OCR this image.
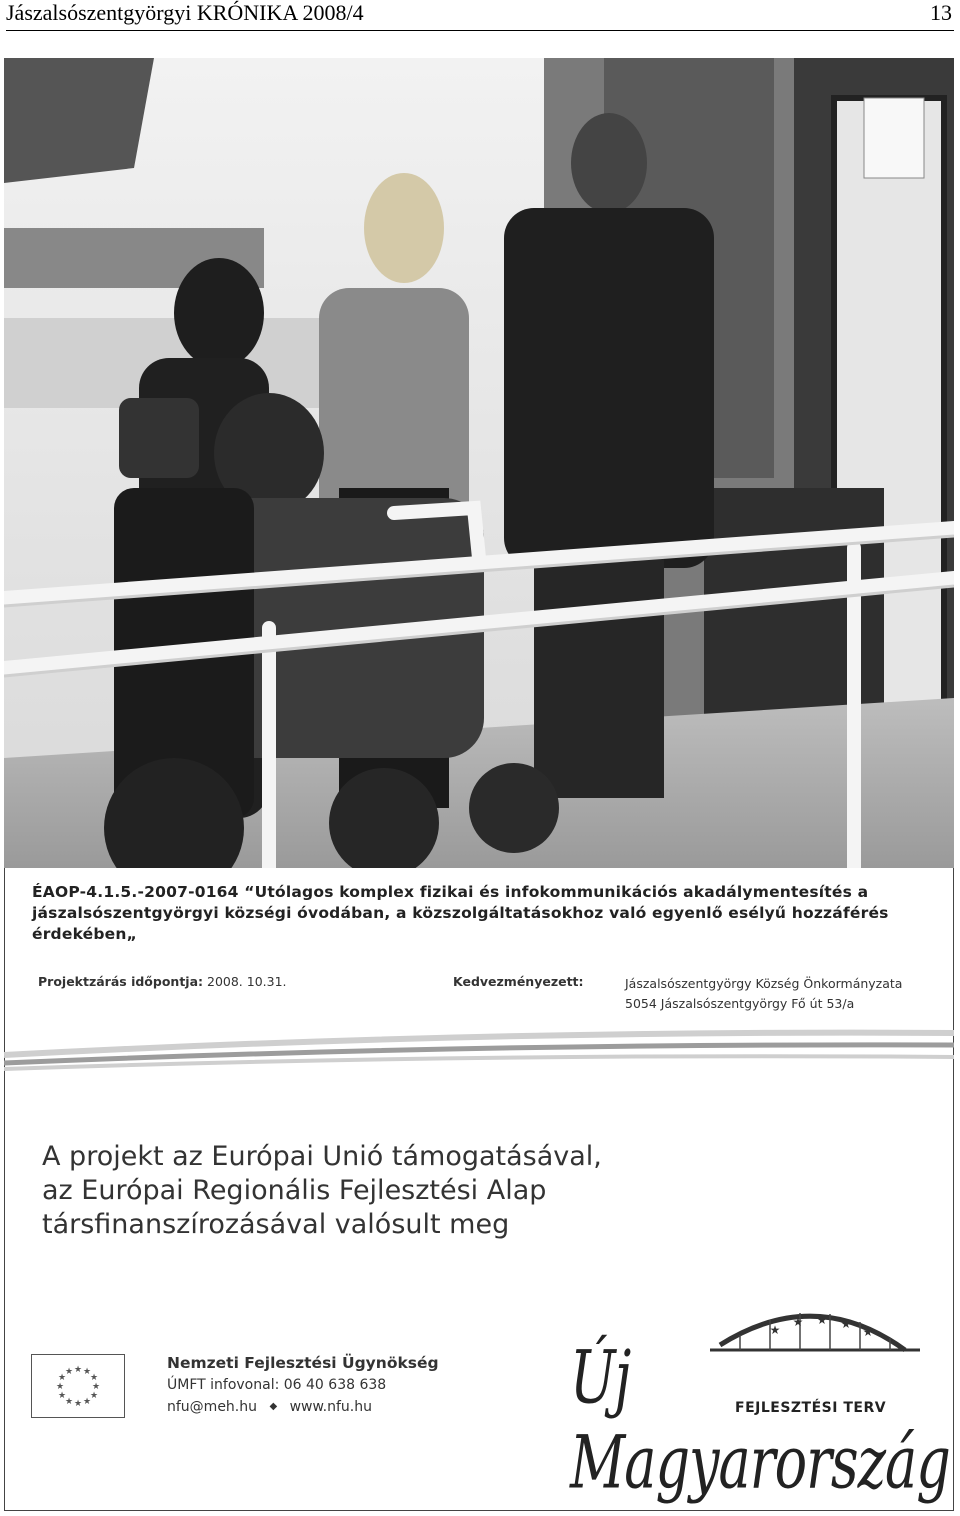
Jászalsószentgyörgyi KRÓNIKA 2008/4	13
ÉAOP-4.1.5.-2007-0164 “Utólagos komplex fizikai és infokommunikációs akadálymentesítés a jászalsószentgyörgyi községi óvodában, a közszolgáltatásokhoz való egyenlő esélyű hozzáférés érdekében„
Projektzárás időpontja: 2008. 10.31.	Kedvezményezett:	Jászalsószentgyörgy Község Önkormányzata
5054 Jászalsószentgyörgy Fő út 53/a
A projekt az Európai Unió támogatásával,
az Európai Regionális Fejlesztési Alap
társfinanszírozásával valósult meg
★ ★
★
★
★
★
★
★
★
★
★
★	Nemzeti Fejlesztési Ügynökség
ÚMFT infovonal: 06 40 638 638
nfu@meh.hu ◆ www.nfu.hu
★
★ ★ ★
★
Új Magyarország
FEJLESZTÉSI TERV
